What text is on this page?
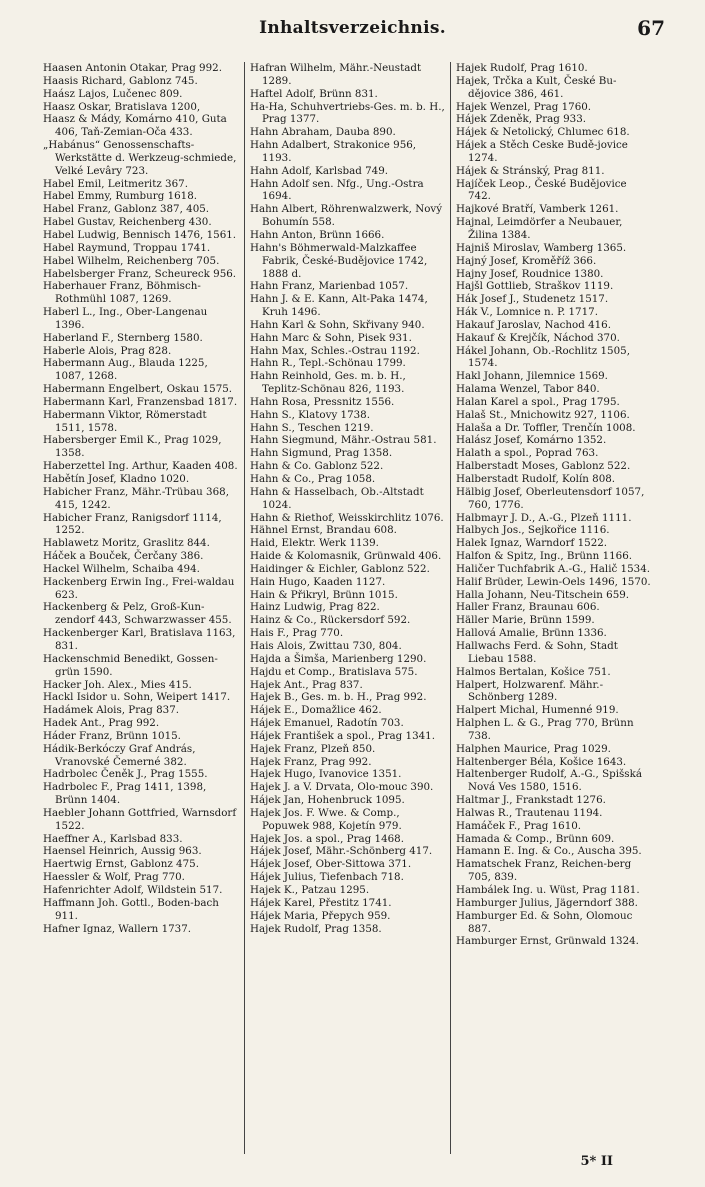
Inhaltsverzeichnis.	67
Haasen Antonin Otakar, Prag 992.
Haasis Richard, Gablonz 745.
Haász Lajos, Lučenec 809.
Haasz Oskar, Bratislava 1200,
Haasz & Mády, Komárno 410, Guta 406, Taň-Zemian-Oča 433.
„Habánus“ Genossenschafts-Werkstätte d. Werkzeug-schmiede, Velké Levâry 723.
Habel Emil, Leitmeritz 367.
Habel Emmy, Rumburg 1618.
Habel Franz, Gablonz 387, 405.
Habel Gustav, Reichenberg 430.
Habel Ludwig, Bennisch 1476, 1561.
Habel Raymund, Troppau 1741.
Habel Wilhelm, Reichenberg 705.
Habelsberger Franz, Scheureck 956.
Haberhauer Franz, Böhmisch-Rothmühl 1087, 1269.
Haberl L., Ing., Ober-Langenau 1396.
Haberland F., Sternberg 1580.
Haberle Alois, Prag 828.
Habermann Aug., Blauda 1225, 1087, 1268.
Habermann Engelbert, Oskau 1575.
Habermann Karl, Franzensbad 1817.
Habermann Viktor, Römerstadt 1511, 1578.
Habersberger Emil K., Prag 1029, 1358.
Haberzettel Ing. Arthur, Kaaden 408.
Habětín Josef, Kladno 1020.
Habicher Franz, Mähr.-Trübau 368, 415, 1242.
Habicher Franz, Ranigsdorf 1114, 1252.
Hablawetz Moritz, Graslitz 844.
Háček a Bouček, Čerčany 386.
Hackel Wilhelm, Schaiba 494.
Hackenberg Erwin Ing., Frei-waldau 623.
Hackenberg & Pelz, Groß-Kun-zendorf 443, Schwarzwasser 455.
Hackenberger Karl, Bratislava 1163, 831.
Hackenschmid Benedikt, Gossen-grün 1590.
Hacker Joh. Alex., Mies 415.
Hackl Isidor u. Sohn, Weipert 1417.
Hadámek Alois, Prag 837.
Hadek Ant., Prag 992.
Háder Franz, Brünn 1015.
Hádik-Berkóczy Graf András, Vranovské Čemerné 382.
Hadrbolec Čeněk J., Prag 1555.
Hadrbolec F., Prag 1411, 1398, Brünn 1404.
Haebler Johann Gottfried, Warnsdorf 1522.
Haeffner A., Karlsbad 833.
Haensel Heinrich, Aussig 963.
Haertwig Ernst, Gablonz 475.
Haessler & Wolf, Prag 770.
Hafenrichter Adolf, Wildstein 517.
Haffmann Joh. Gottl., Boden-bach 911.
Hafner Ignaz, Wallern 1737.
Hafran Wilhelm, Mähr.-Neustadt 1289.
Haftel Adolf, Brünn 831.
Ha-Ha, Schuhvertriebs-Ges. m. b. H., Prag 1377.
Hahn Abraham, Dauba 890.
Hahn Adalbert, Strakonice 956, 1193.
Hahn Adolf, Karlsbad 749.
Hahn Adolf sen. Nfg., Ung.-Ostra 1694.
Hahn Albert, Röhrenwalzwerk, Nový Bohumín 558.
Hahn Anton, Brünn 1666.
Hahn's Böhmerwald-Malzkaffee Fabrik, České-Budějovice 1742, 1888 d.
Hahn Franz, Marienbad 1057.
Hahn J. & E. Kann, Alt-Paka 1474, Kruh 1496.
Hahn Karl & Sohn, Skřivany 940.
Hahn Marc & Sohn, Pisek 931.
Hahn Max, Schles.-Ostrau 1192.
Hahn R., Tepl.-Schönau 1799.
Hahn Reinhold, Ges. m. b. H., Teplitz-Schönau 826, 1193.
Hahn Rosa, Pressnitz 1556.
Hahn S., Klatovy 1738.
Hahn S., Teschen 1219.
Hahn Siegmund, Mähr.-Ostrau 581.
Hahn Sigmund, Prag 1358.
Hahn & Co. Gablonz 522.
Hahn & Co., Prag 1058.
Hahn & Hasselbach, Ob.-Altstadt 1024.
Hahn & Riethof, Weisskirchlitz 1076.
Hähnel Ernst, Brandau 608.
Haid, Elektr. Werk 1139.
Haide & Kolomasnik, Grünwald 406.
Haidinger & Eichler, Gablonz 522.
Hain Hugo, Kaaden 1127.
Hain & Přikryl, Brünn 1015.
Hainz Ludwig, Prag 822.
Hainz & Co., Rückersdorf 592.
Hais F., Prag 770.
Hais Alois, Zwittau 730, 804.
Hajda a Šimša, Marienberg 1290.
Hajdu et Comp., Bratislava 575.
Hajek Ant., Prag 837.
Hajek B., Ges. m. b. H., Prag 992.
Hájek E., Domažlice 462.
Hájek Emanuel, Radotín 703.
Hájek František a spol., Prag 1341.
Hajek Franz, Plzeň 850.
Hajek Franz, Prag 992.
Hajek Hugo, Ivanovice 1351.
Hajek J. a V. Drvata, Olo-mouc 390.
Hájek Jan, Hohenbruck 1095.
Hajek Jos. F. Wwe. & Comp., Popuwek 988, Kojetín 979.
Hajek Jos. a spol., Prag 1468.
Hájek Josef, Mähr.-Schönberg 417.
Hájek Josef, Ober-Sittowa 371.
Hájek Julius, Tiefenbach 718.
Hajek K., Patzau 1295.
Hájek Karel, Přestitz 1741.
Hájek Maria, Přepych 959.
Hajek Rudolf, Prag 1358.
Hajek Rudolf, Prag 1610.
Hajek, Trčka a Kult, České Bu-dějovice 386, 461.
Hajek Wenzel, Prag 1760.
Hájek Zdeněk, Prag 933.
Hájek & Netolický, Chlumec 618.
Hájek a Stěch Ceske Budě-jovice 1274.
Hájek & Stránský, Prag 811.
Hajíček Leop., České Budějovice 742.
Hajkové Bratří, Vamberk 1261.
Hajnal, Leimdörfer a Neubauer, Žilina 1384.
Hajniš Miroslav, Wamberg 1365.
Hajný Josef, Kroměříž 366.
Hajny Josef, Roudnice 1380.
Hajšl Gottlieb, Straškov 1119.
Hák Josef J., Studenetz 1517.
Hák V., Lomnice n. P. 1717.
Hakauf Jaroslav, Nachod 416.
Hakauf & Krejčík, Náchod 370.
Hákel Johann, Ob.-Rochlitz 1505, 1574.
Hakl Johann, Jilemnice 1569.
Halama Wenzel, Tabor 840.
Halan Karel a spol., Prag 1795.
Halaš St., Mnichowitz 927, 1106.
Halaša a Dr. Toffler, Trenčín 1008.
Halász Josef, Komárno 1352.
Halath a spol., Poprad 763.
Halberstadt Moses, Gablonz 522.
Halberstadt Rudolf, Kolín 808.
Hälbig Josef, Oberleutensdorf 1057, 760, 1776.
Halbmayr J. D., A.-G., Plzeň 1111.
Halbych Jos., Sejkořice 1116.
Halek Ignaz, Warndorf 1522.
Halfon & Spitz, Ing., Brünn 1166.
Haličer Tuchfabrik A.-G., Halič 1534.
Halif Brüder, Lewin-Oels 1496, 1570.
Halla Johann, Neu-Titschein 659.
Haller Franz, Braunau 606.
Häller Marie, Brünn 1599.
Hallová Amalie, Brünn 1336.
Hallwachs Ferd. & Sohn, Stadt Liebau 1588.
Halmos Bertalan, Košice 751.
Halpert, Holzwarenf. Mähr.-Schönberg 1289.
Halpert Michal, Humenné 919.
Halphen L. & G., Prag 770, Brünn 738.
Halphen Maurice, Prag 1029.
Haltenberger Béla, Košice 1643.
Haltenberger Rudolf, A.-G., Spišská Nová Ves 1580, 1516.
Haltmar J., Frankstadt 1276.
Halwas R., Trautenau 1194.
Hamáček F., Prag 1610.
Hamada & Comp., Brünn 609.
Hamann E. Ing. & Co., Auscha 395.
Hamatschek Franz, Reichen-berg 705, 839.
Hambálek Ing. u. Wüst, Prag 1181.
Hamburger Julius, Jägerndorf 388.
Hamburger Ed. & Sohn, Olomouc 887.
Hamburger Ernst, Grünwald 1324.
5* II
